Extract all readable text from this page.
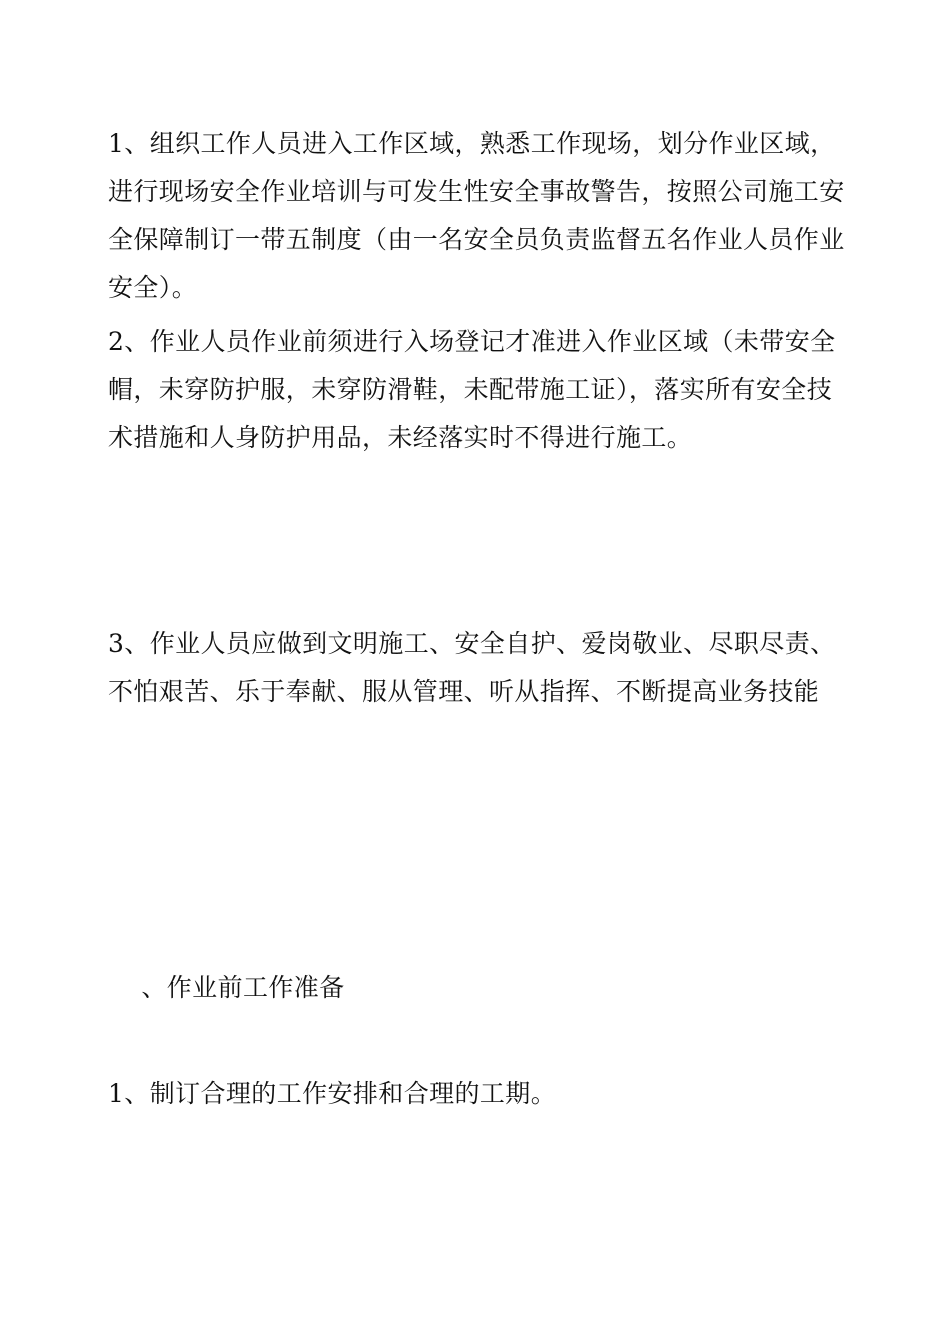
1、组织工作人员进入工作区域，熟悉工作现场，划分作业区域，
进行现场安全作业培训与可发生性安全事故警告，按照公司施工安
全保障制订一带五制度（由一名安全员负责监督五名作业人员作业
安全）。

2、作业人员作业前须进行入场登记才准进入作业区域（未带安全
帽，未穿防护服，未穿防滑鞋，未配带施工证），落实所有安全技
术措施和人身防护用品，未经落实时不得进行施工。

3、作业人员应做到文明施工、安全自护、爱岗敬业、尽职尽责、
不怕艰苦、乐于奉献、服从管理、听从指挥、不断提高业务技能

、作业前工作准备

1、制订合理的工作安排和合理的工期。
